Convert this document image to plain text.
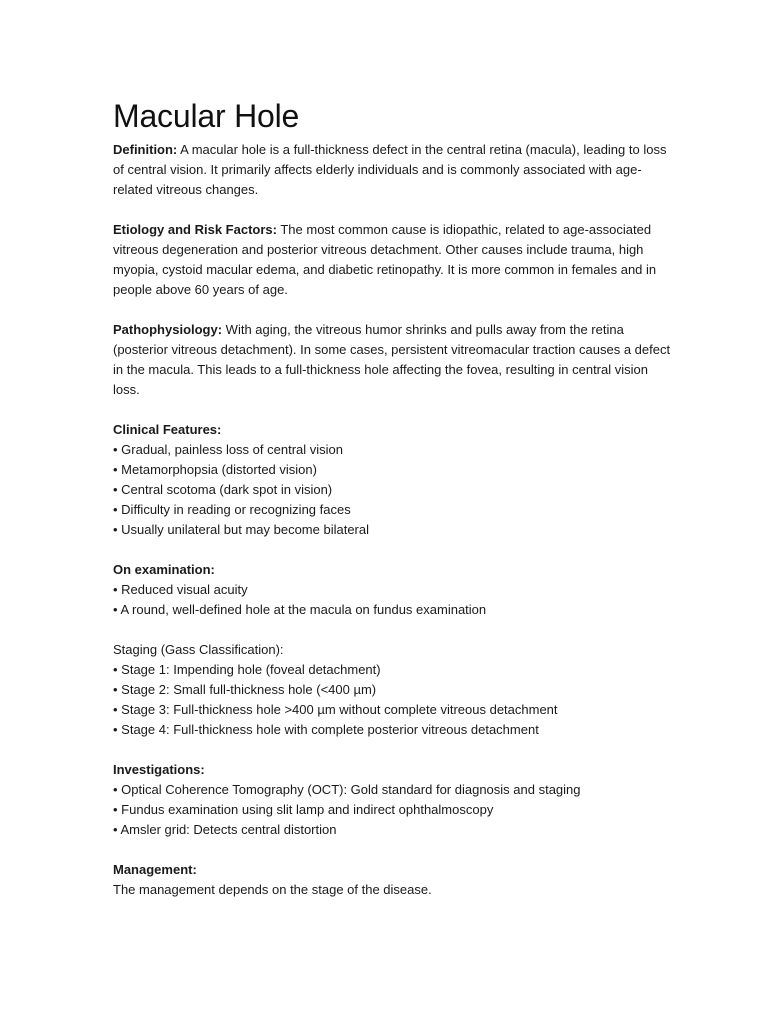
Macular Hole

Definition: A macular hole is a full-thickness defect in the central retina (macula), leading to loss of central vision. It primarily affects elderly individuals and is commonly associated with age-related vitreous changes.

Etiology and Risk Factors: The most common cause is idiopathic, related to age-associated vitreous degeneration and posterior vitreous detachment. Other causes include trauma, high myopia, cystoid macular edema, and diabetic retinopathy. It is more common in females and in people above 60 years of age.

Pathophysiology: With aging, the vitreous humor shrinks and pulls away from the retina (posterior vitreous detachment). In some cases, persistent vitreomacular traction causes a defect in the macula. This leads to a full-thickness hole affecting the fovea, resulting in central vision loss.

Clinical Features:

• Gradual, painless loss of central vision
• Metamorphopsia (distorted vision)
• Central scotoma (dark spot in vision)
• Difficulty in reading or recognizing faces
• Usually unilateral but may become bilateral

On examination:

• Reduced visual acuity
• A round, well-defined hole at the macula on fundus examination

Staging (Gass Classification):

• Stage 1: Impending hole (foveal detachment)
• Stage 2: Small full-thickness hole (<400 µm)
• Stage 3: Full-thickness hole >400 µm without complete vitreous detachment
• Stage 4: Full-thickness hole with complete posterior vitreous detachment

Investigations:

• Optical Coherence Tomography (OCT): Gold standard for diagnosis and staging
• Fundus examination using slit lamp and indirect ophthalmoscopy
• Amsler grid: Detects central distortion

Management:

The management depends on the stage of the disease.
